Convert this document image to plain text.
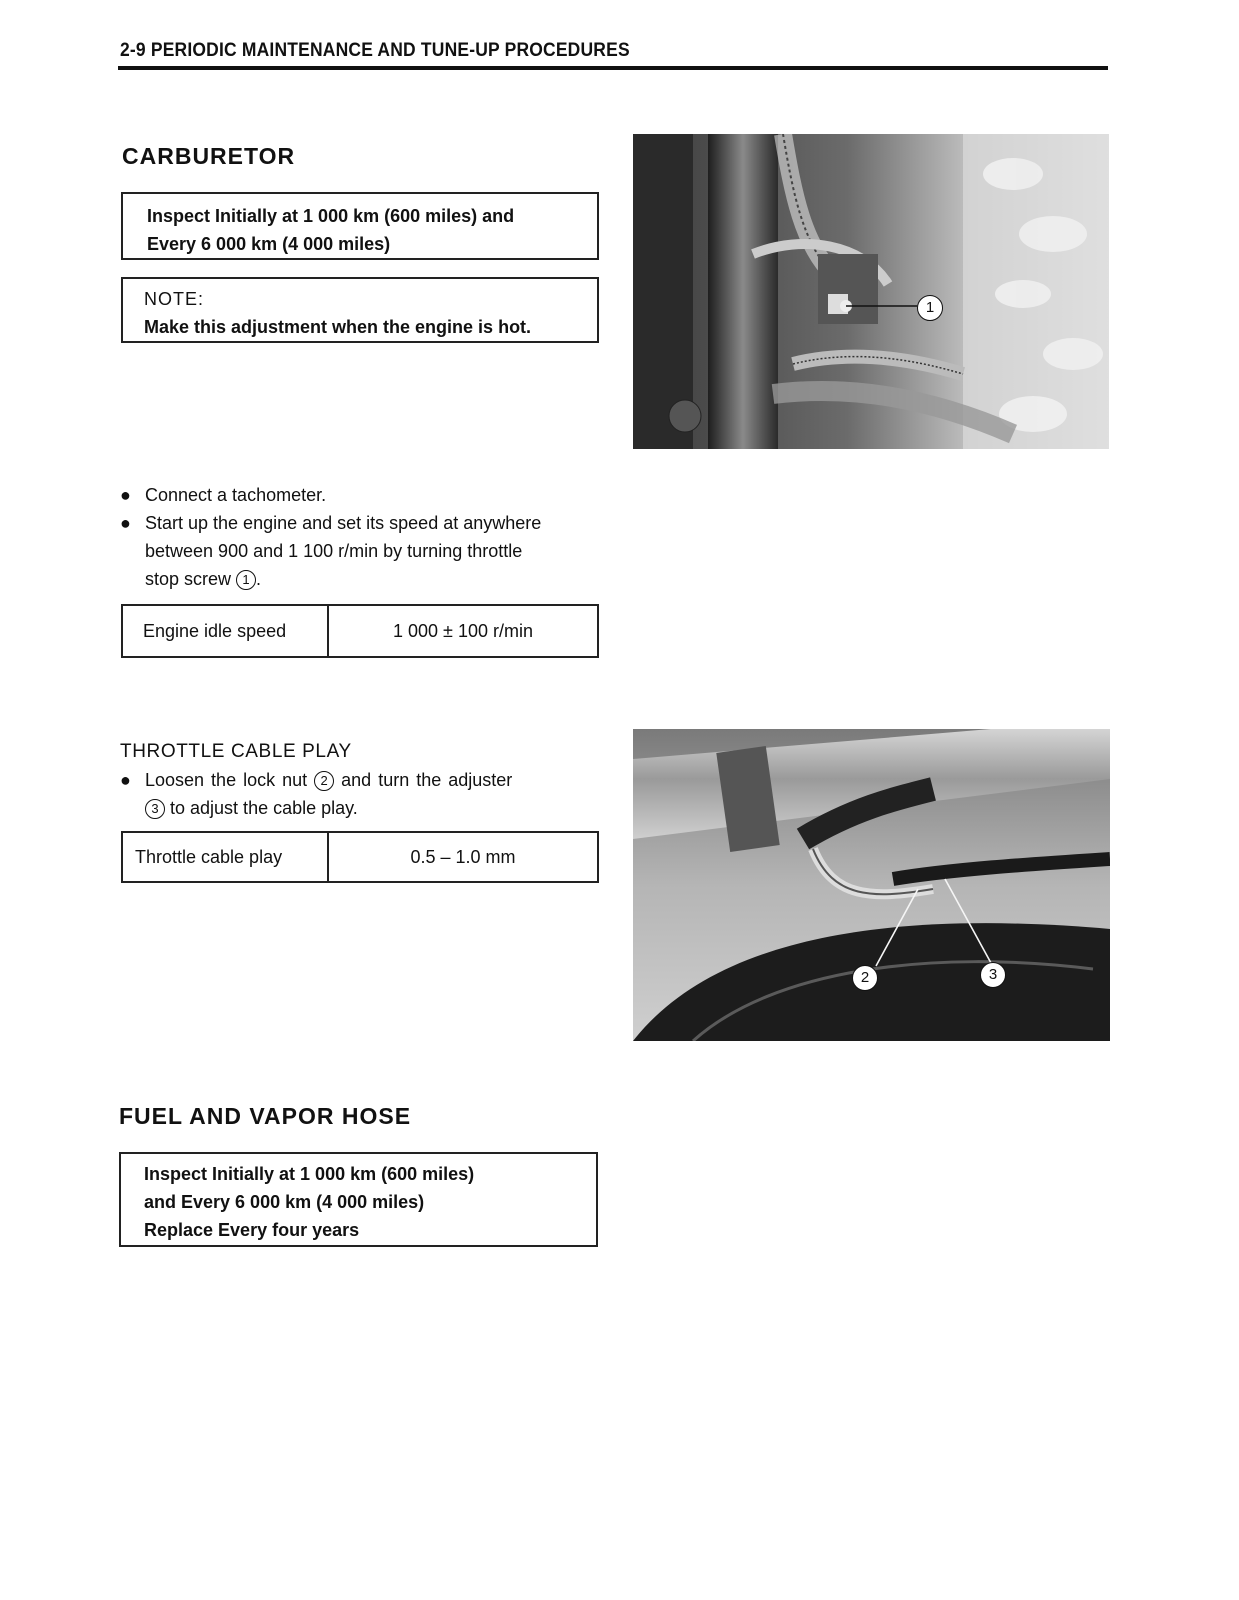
2-9 PERIODIC MAINTENANCE AND TUNE-UP PROCEDURES
CARBURETOR
Inspect Initially at 1 000 km (600 miles) and
Every 6 000 km (4 000 miles)
NOTE:
Make this adjustment when the engine is hot.
1
● Connect a tachometer.
● Start up the engine and set its speed at anywhere
between 900 and 1 100 r/min by turning throttle
stop screw 1 .
Engine idle speed	1 000 ± 100 r/min
THROTTLE CABLE PLAY
● Loosen the lock nut 2 and turn the adjuster
3 to adjust the cable play.
Throttle cable play	0.5 – 1.0 mm
2	3
FUEL AND VAPOR HOSE
Inspect Initially at 1 000 km (600 miles)
and Every 6 000 km (4 000 miles)
Replace Every four years
